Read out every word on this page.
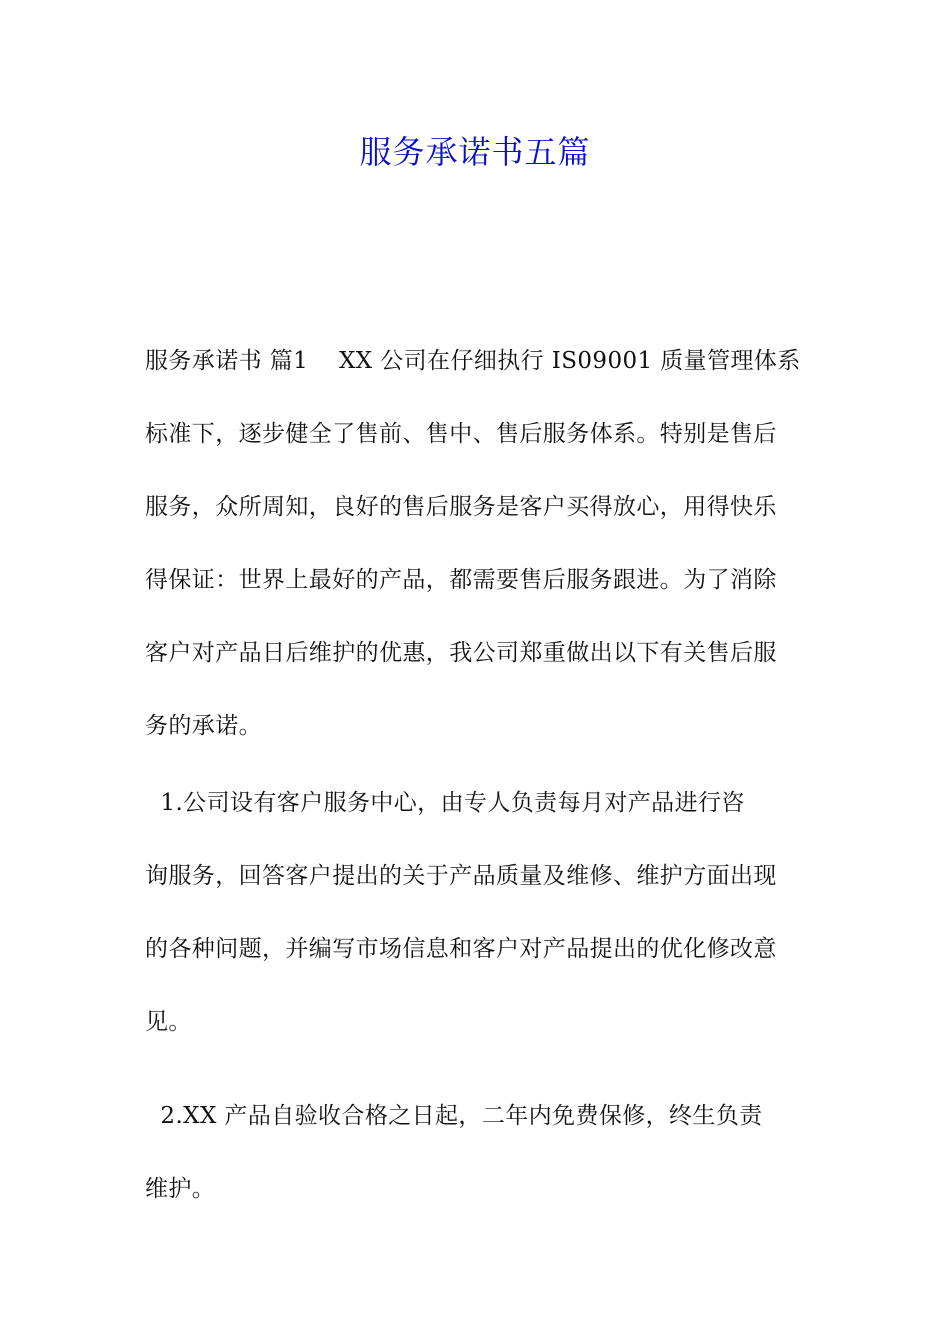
服务承诺书五篇

服务承诺书 篇1    XX 公司在仔细执行 IS09001 质量管理体系

标准下，逐步健全了售前、售中、售后服务体系。特别是售后

服务，众所周知，良好的售后服务是客户买得放心，用得快乐

得保证：世界上最好的产品，都需要售后服务跟进。为了消除

客户对产品日后维护的优惠，我公司郑重做出以下有关售后服

务的承诺。

1.公司设有客户服务中心，由专人负责每月对产品进行咨

询服务，回答客户提出的关于产品质量及维修、维护方面出现

的各种问题，并编写市场信息和客户对产品提出的优化修改意

见。

2.XX 产品自验收合格之日起，二年内免费保修，终生负责

维护。
